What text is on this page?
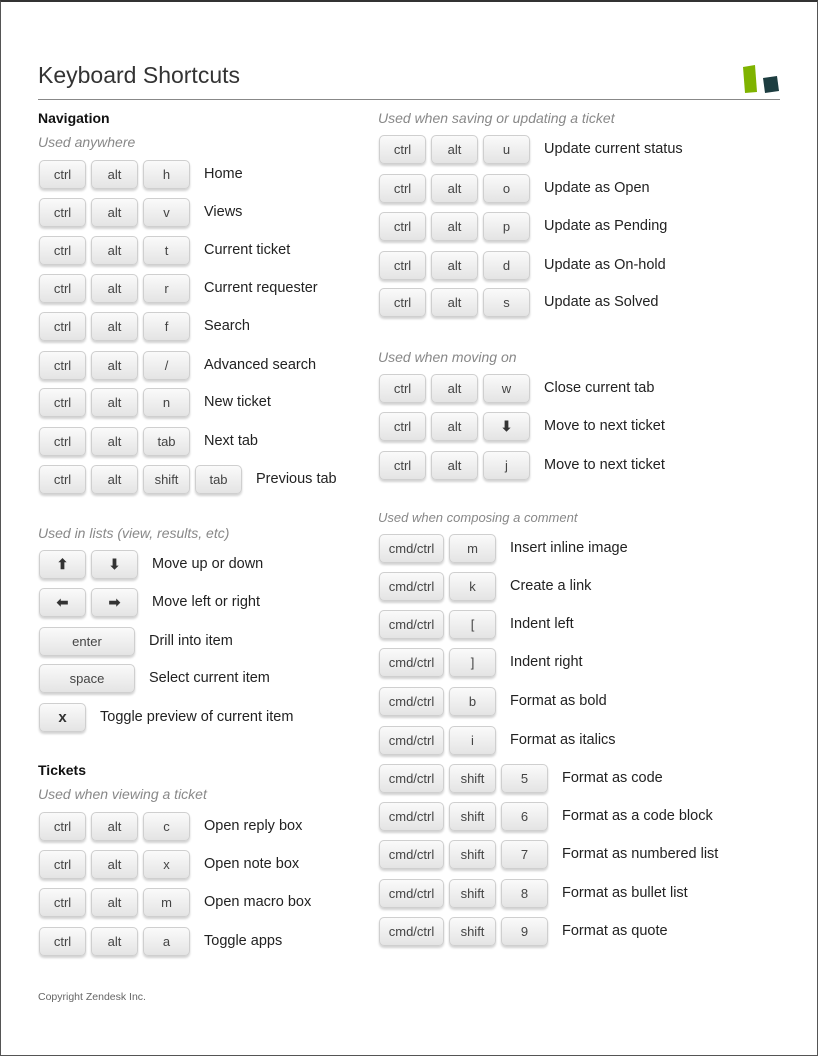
Keyboard Shortcuts
Navigation
Used anywhere
Used in lists (view, results, etc)
Tickets
Used when viewing a ticket
Used when saving or updating a ticket
Used when moving on
Used when composing a comment
Copyright Zendesk Inc.
ctrl	alt	h	Home
ctrl	alt	v	Views
ctrl	alt	t	Current ticket
ctrl	alt	r	Current requester
ctrl	alt	f	Search
ctrl	alt	/	Advanced search
ctrl	alt	n	New ticket
ctrl	alt	tab	Next tab
ctrl	alt	shift	tab	Previous tab
⬆	⬇	Move up or down
⬅	➡	Move left or right
enter	Drill into item
space	Select current item
x	Toggle preview of current item
ctrl	alt	c	Open reply box
ctrl	alt	x	Open note box
ctrl	alt	m	Open macro box
ctrl	alt	a	Toggle apps
ctrl	alt	u	Update current status
ctrl	alt	o	Update as Open
ctrl	alt	p	Update as Pending
ctrl	alt	d	Update as On-hold
ctrl	alt	s	Update as Solved
ctrl	alt	w	Close current tab
ctrl	alt	⬇	Move to next ticket
ctrl	alt	j	Move to next ticket
cmd/ctrl	m	Insert inline image
cmd/ctrl	k	Create a link
cmd/ctrl	[	Indent left
cmd/ctrl	]	Indent right
cmd/ctrl	b	Format as bold
cmd/ctrl	i	Format as italics
cmd/ctrl	shift	5	Format as code
cmd/ctrl	shift	6	Format as a code block
cmd/ctrl	shift	7	Format as numbered list
cmd/ctrl	shift	8	Format as bullet list
cmd/ctrl	shift	9	Format as quote
